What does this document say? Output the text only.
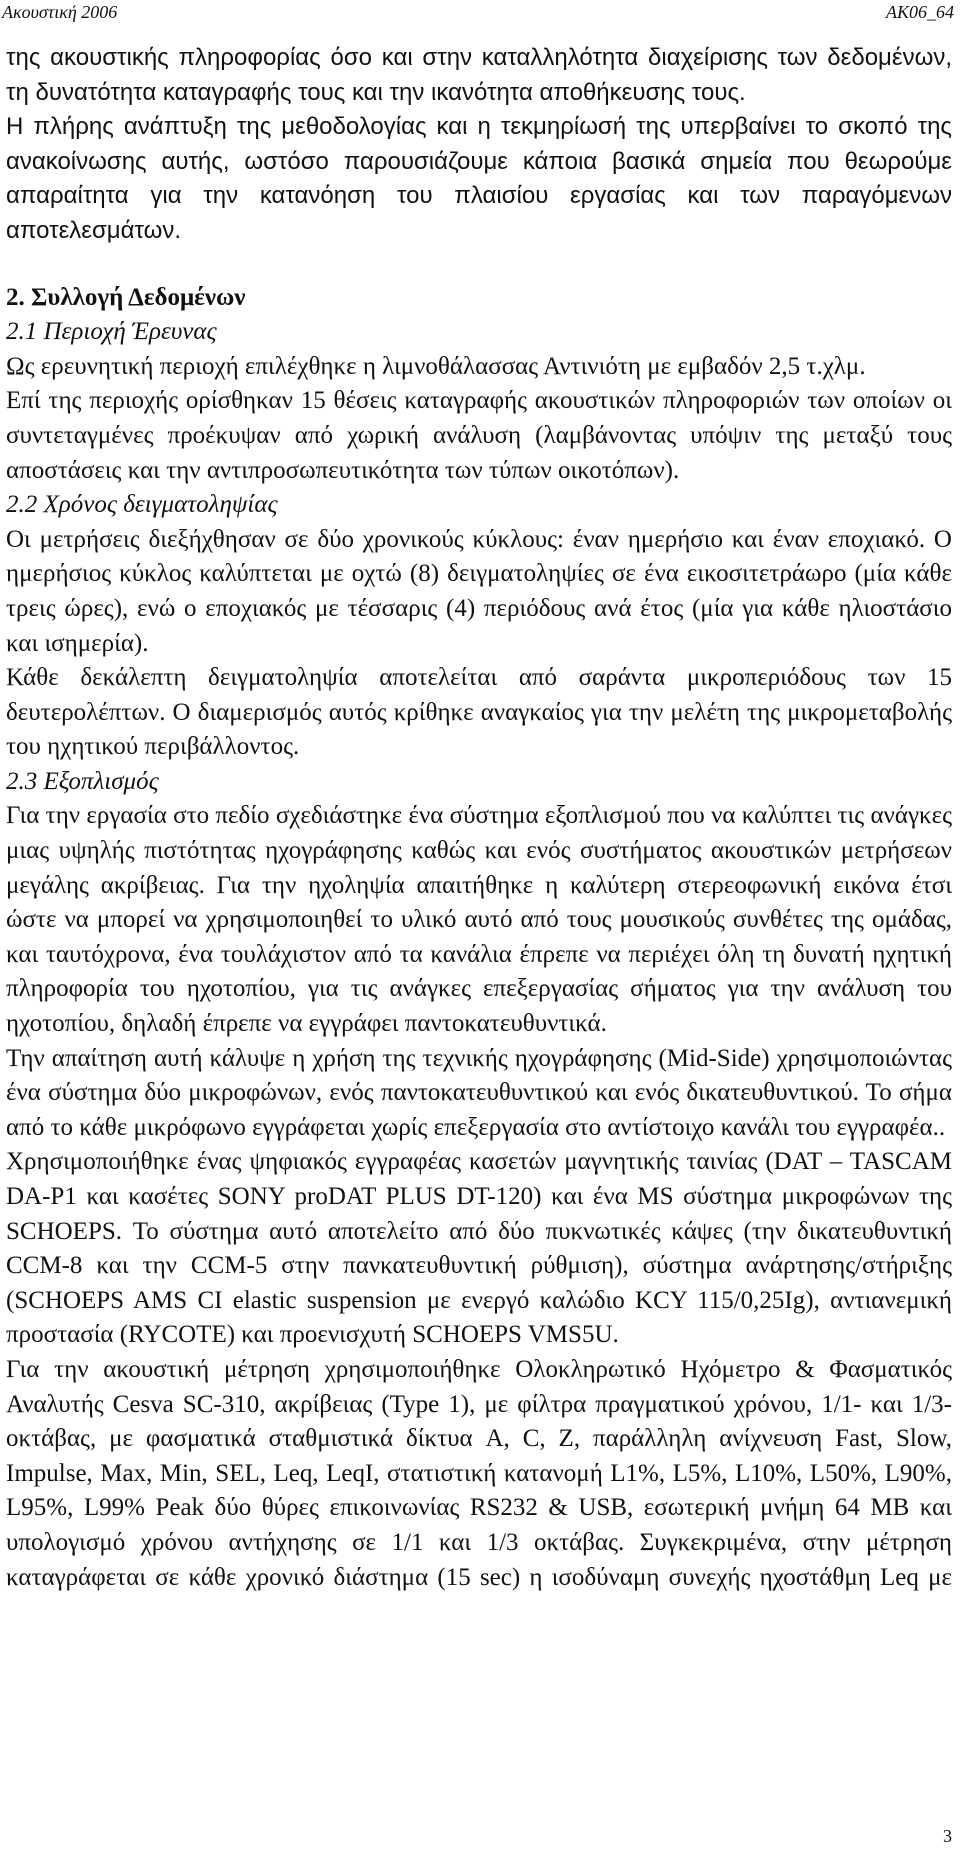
Ακουστική 2006	AK06_64

της ακουστικής πληροφορίας όσο και στην καταλληλότητα διαχείρισης των δεδομένων, τη δυνατότητα καταγραφής τους και την ικανότητα αποθήκευσης τους.

Η πλήρης ανάπτυξη της μεθοδολογίας και η τεκμηρίωσή της υπερβαίνει το σκοπό της ανακοίνωσης αυτής, ωστόσο παρουσιάζουμε κάποια βασικά σημεία που θεωρούμε απαραίτητα για την κατανόηση του πλαισίου εργασίας και των παραγόμενων αποτελεσμάτων.

2. Συλλογή Δεδομένων
2.1 Περιοχή Έρευνας

Ως ερευνητική περιοχή επιλέχθηκε η λιμνοθάλασσας Αντινιότη με εμβαδόν 2,5 τ.χλμ.

Επί της περιοχής ορίσθηκαν 15 θέσεις καταγραφής ακουστικών πληροφοριών των οποίων οι συντεταγμένες προέκυψαν από χωρική ανάλυση (λαμβάνοντας υπόψιν της μεταξύ τους αποστάσεις και την αντιπροσωπευτικότητα των τύπων οικοτόπων).

2.2 Χρόνος δειγματοληψίας

Οι μετρήσεις διεξήχθησαν σε δύο χρονικούς κύκλους: έναν ημερήσιο και έναν εποχιακό. Ο ημερήσιος κύκλος καλύπτεται με οχτώ (8) δειγματοληψίες σε ένα εικοσιτετράωρο (μία κάθε τρεις ώρες), ενώ ο εποχιακός με τέσσαρις (4) περιόδους ανά έτος (μία για κάθε ηλιοστάσιο και ισημερία).

Κάθε δεκάλεπτη δειγματοληψία αποτελείται από σαράντα μικροπεριόδους των 15 δευτερολέπτων. Ο διαμερισμός αυτός κρίθηκε αναγκαίος για την μελέτη της μικρομεταβολής του ηχητικού περιβάλλοντος.

2.3 Εξοπλισμός

Για την εργασία στο πεδίο σχεδιάστηκε ένα σύστημα εξοπλισμού που να καλύπτει τις ανάγκες μιας υψηλής πιστότητας ηχογράφησης καθώς και ενός συστήματος ακουστικών μετρήσεων μεγάλης ακρίβειας. Για την ηχοληψία απαιτήθηκε η καλύτερη στερεοφωνική εικόνα έτσι ώστε να μπορεί να χρησιμοποιηθεί το υλικό αυτό από τους μουσικούς συνθέτες της ομάδας, και ταυτόχρονα, ένα τουλάχιστον από τα κανάλια έπρεπε να περιέχει όλη τη δυνατή ηχητική πληροφορία του ηχοτοπίου, για τις ανάγκες επεξεργασίας σήματος για την ανάλυση του ηχοτοπίου, δηλαδή έπρεπε να εγγράφει παντοκατευθυντικά.

Την απαίτηση αυτή κάλυψε η χρήση της τεχνικής ηχογράφησης (Mid-Side) χρησιμοποιώντας ένα σύστημα δύο μικροφώνων, ενός παντοκατευθυντικού και ενός δικατευθυντικού. Το σήμα από το κάθε μικρόφωνο εγγράφεται χωρίς επεξεργασία στο αντίστοιχο κανάλι του εγγραφέα..

Χρησιμοποιήθηκε ένας ψηφιακός εγγραφέας κασετών μαγνητικής ταινίας (DAT – TASCAM DA-P1 και κασέτες SONY proDAT PLUS DT-120) και ένα MS σύστημα μικροφώνων της SCHOEPS. Το σύστημα αυτό αποτελείτο από δύο πυκνωτικές κάψες (την δικατευθυντική CCM-8 και την CCM-5 στην πανκατευθυντική ρύθμιση), σύστημα ανάρτησης/στήριξης (SCHOEPS AMS CI elastic suspension με ενεργό καλώδιο KCY 115/0,25Ig), αντιανεμική προστασία (RYCOTE) και προενισχυτή SCHOEPS VMS5U.

Για την ακουστική μέτρηση χρησιμοποιήθηκε Ολοκληρωτικό Ηχόμετρο & Φασματικός Αναλυτής Cesva SC-310, ακρίβειας (Type 1), με φίλτρα πραγματικού χρόνου, 1/1- και 1/3- οκτάβας, με φασματικά σταθμιστικά δίκτυα A, C, Z, παράλληλη ανίχνευση Fast, Slow, Impulse, Max, Min, SEL, Leq, LeqI, στατιστική κατανομή L1%, L5%, L10%, L50%, L90%, L95%, L99% Peak δύο θύρες επικοινωνίας RS232 & USB, εσωτερική μνήμη 64 MB και υπολογισμό χρόνου αντήχησης σε 1/1 και 1/3 οκτάβας. Συγκεκριμένα, στην μέτρηση καταγράφεται σε κάθε χρονικό διάστημα (15 sec) η ισοδύναμη συνεχής ηχοστάθμη Leq με

3
